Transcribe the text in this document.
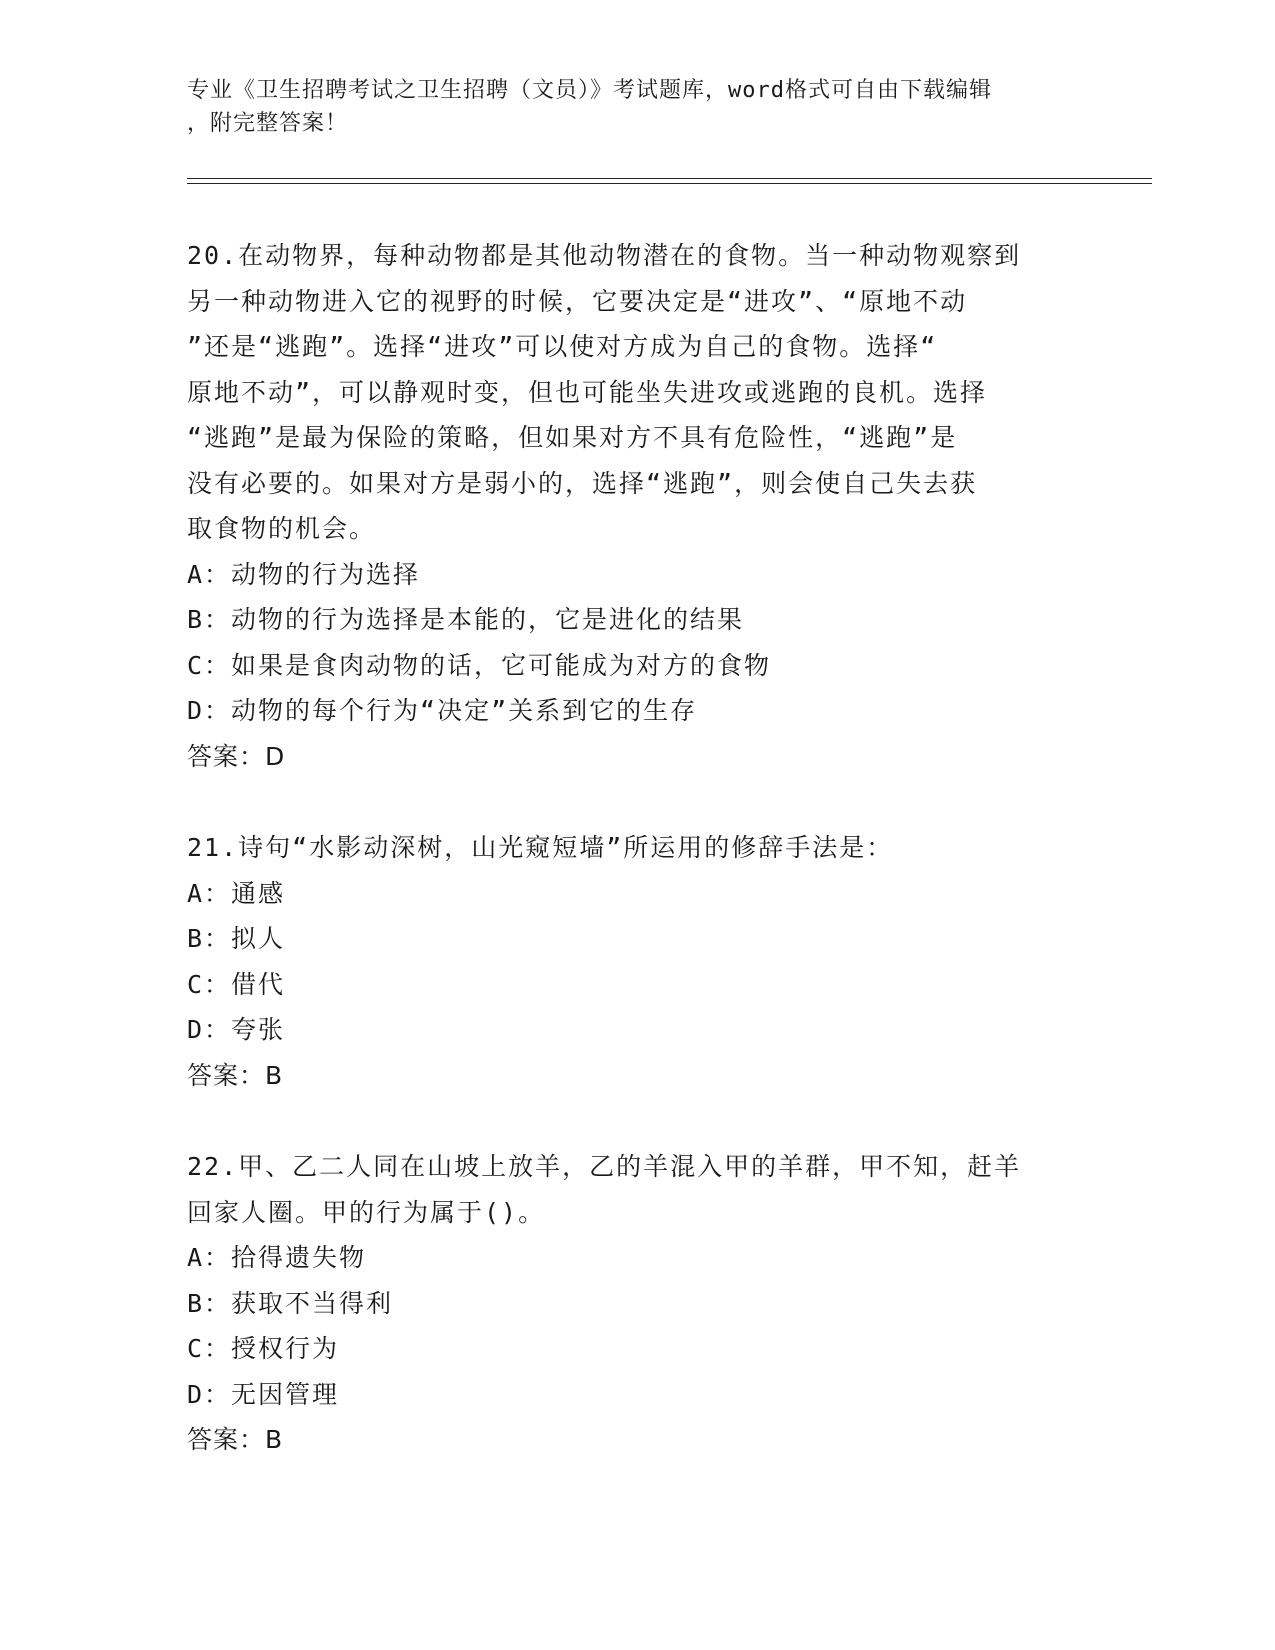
专业《卫生招聘考试之卫生招聘（文员）》考试题库，word格式可自由下载编辑
，附完整答案！
20.在动物界，每种动物都是其他动物潜在的食物。当一种动物观察到
另一种动物进入它的视野的时候，它要决定是“进攻”、“原地不动
”还是“逃跑”。选择“进攻”可以使对方成为自己的食物。选择“
原地不动”，可以静观时变，但也可能坐失进攻或逃跑的良机。选择
“逃跑”是最为保险的策略，但如果对方不具有危险性，“逃跑”是
没有必要的。如果对方是弱小的，选择“逃跑”，则会使自己失去获
取食物的机会。
A：动物的行为选择
B：动物的行为选择是本能的，它是进化的结果
C：如果是食肉动物的话，它可能成为对方的食物
D：动物的每个行为“决定”关系到它的生存
答案：D
21.诗句“水影动深树，山光窥短墙”所运用的修辞手法是：
A：通感
B：拟人
C：借代
D：夸张
答案：B
22.甲、乙二人同在山坡上放羊，乙的羊混入甲的羊群，甲不知，赶羊
回家人圈。甲的行为属于()。
A：拾得遗失物
B：获取不当得利
C：授权行为
D：无因管理
答案：B
